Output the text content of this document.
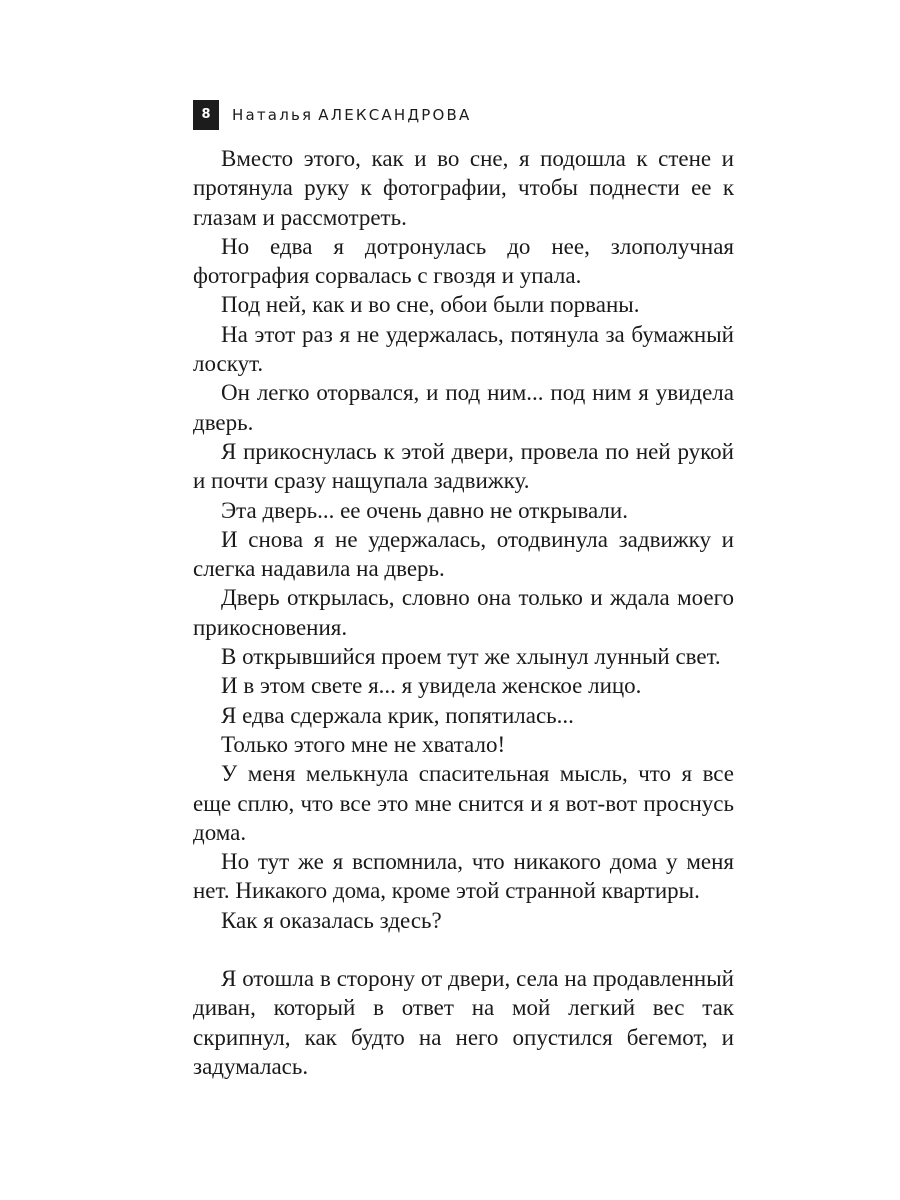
8	Наталья АЛЕКСАНДРОВА

Вместо этого, как и во сне, я подошла к стене и протянула руку к фотографии, чтобы поднести ее к глазам и рассмотреть.

Но едва я дотронулась до нее, злополучная фотография сорвалась с гвоздя и упала.

Под ней, как и во сне, обои были порваны.

На этот раз я не удержалась, потянула за бумажный лоскут.

Он легко оторвался, и под ним... под ним я увидела дверь.

Я прикоснулась к этой двери, провела по ней рукой и почти сразу нащупала задвижку.

Эта дверь... ее очень давно не открывали.

И снова я не удержалась, отодвинула задвижку и слегка надавила на дверь.

Дверь открылась, словно она только и ждала моего прикосновения.

В открывшийся проем тут же хлынул лунный свет.

И в этом свете я... я увидела женское лицо.

Я едва сдержала крик, попятилась...

Только этого мне не хватало!

У меня мелькнула спасительная мысль, что я все еще сплю, что все это мне снится и я вот-вот проснусь дома.

Но тут же я вспомнила, что никакого дома у меня нет. Никакого дома, кроме этой странной квартиры.

Как я оказалась здесь?

Я отошла в сторону от двери, села на продавленный диван, который в ответ на мой легкий вес так скрипнул, как будто на него опустился бегемот, и задумалась.
